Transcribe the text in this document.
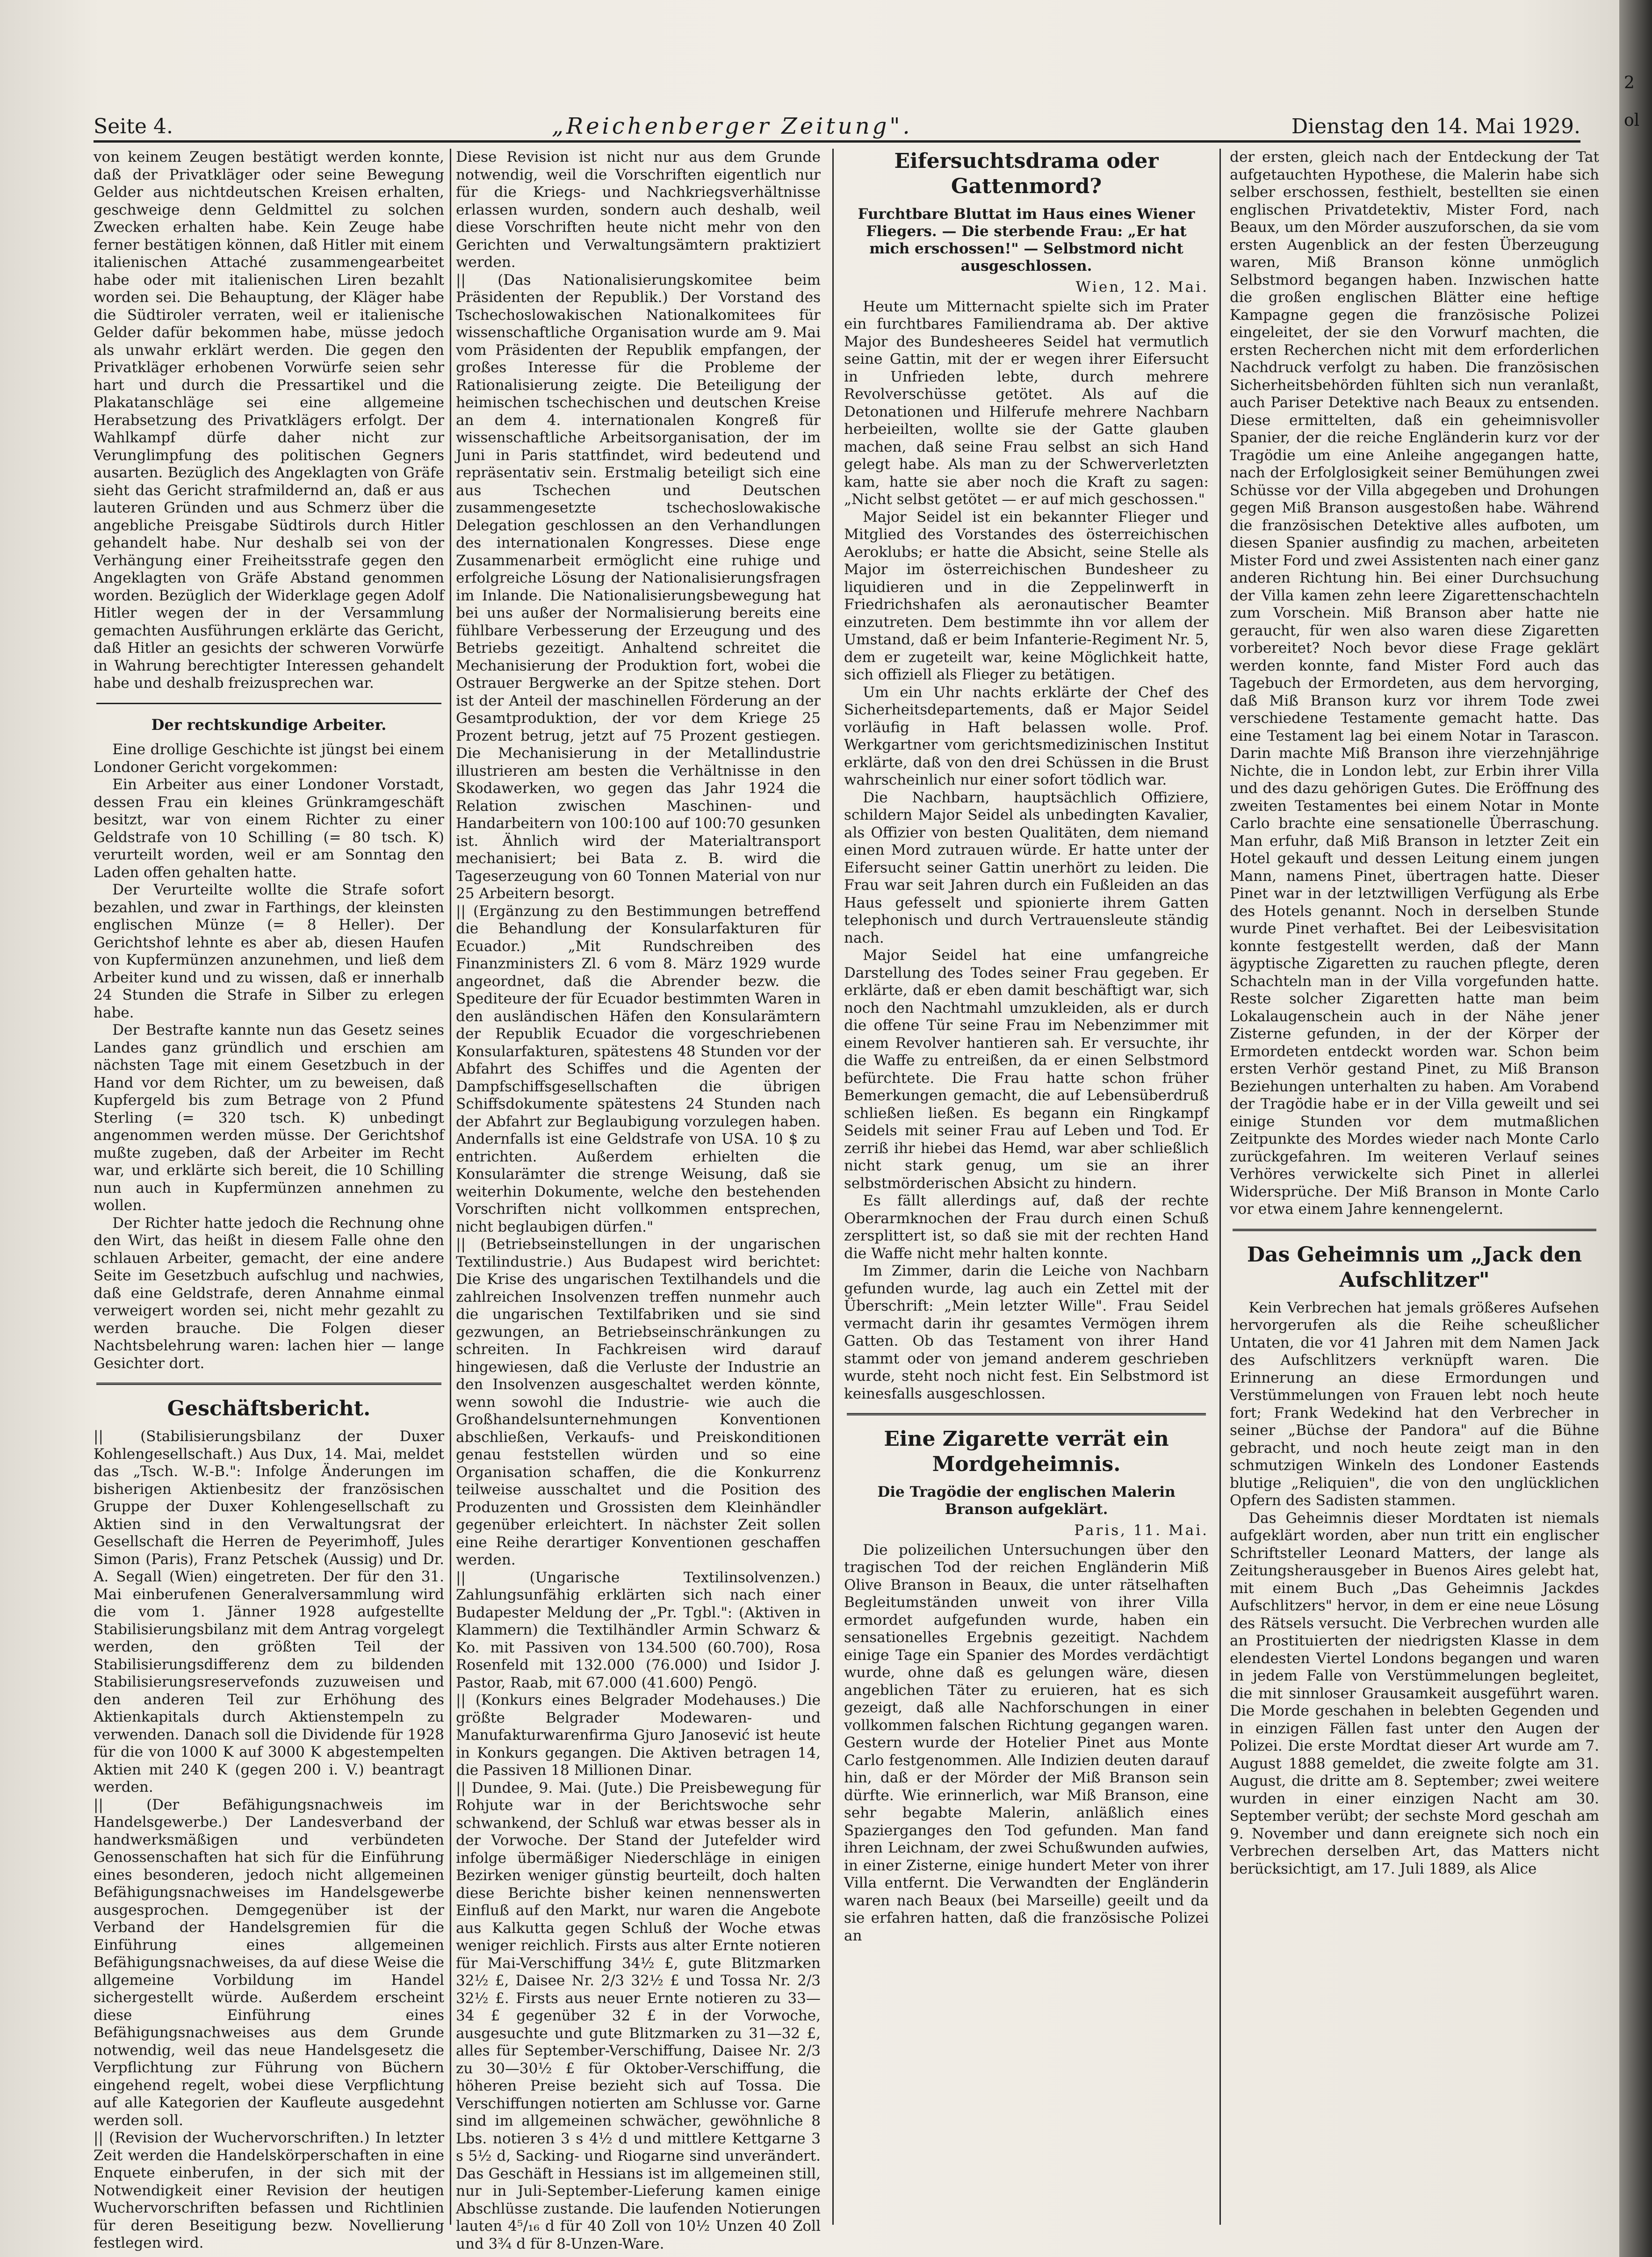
2
ol
Seite 4.	„Reichenberger Zeitung".	Dienstag den 14. Mai 1929.

von keinem Zeugen bestätigt werden konnte, daß der Privatkläger oder seine Bewegung Gelder aus nichtdeutschen Kreisen erhalten, geschweige denn Geldmittel zu solchen Zwecken erhalten habe. Kein Zeuge habe ferner bestätigen können, daß Hitler mit einem italienischen Attaché zusammengearbeitet habe oder mit italienischen Liren bezahlt worden sei. Die Behauptung, der Kläger habe die Südtiroler verraten, weil er italienische Gelder dafür bekommen habe, müsse jedoch als unwahr erklärt werden. Die gegen den Privatkläger erhobenen Vorwürfe seien sehr hart und durch die Pressartikel und die Plakatanschläge sei eine allgemeine Herabsetzung des Privatklägers erfolgt. Der Wahlkampf dürfe daher nicht zur Verunglimpfung des politischen Gegners ausarten. Bezüglich des Angeklagten von Gräfe sieht das Gericht strafmildernd an, daß er aus lauteren Gründen und aus Schmerz über die angebliche Preisgabe Südtirols durch Hitler gehandelt habe. Nur deshalb sei von der Verhängung einer Freiheitsstrafe gegen den Angeklagten von Gräfe Abstand genommen worden. Bezüglich der Widerklage gegen Adolf Hitler wegen der in der Versammlung gemachten Ausführungen erklärte das Gericht, daß Hitler an gesichts der schweren Vorwürfe in Wahrung berechtigter Interessen gehandelt habe und deshalb freizusprechen war.

Der rechtskundige Arbeiter.

Eine drollige Geschichte ist jüngst bei einem Londoner Gericht vorgekommen:

Ein Arbeiter aus einer Londoner Vorstadt, dessen Frau ein kleines Grünkramgeschäft besitzt, war von einem Richter zu einer Geldstrafe von 10 Schilling (= 80 tsch. K) verurteilt worden, weil er am Sonntag den Laden offen gehalten hatte.

Der Verurteilte wollte die Strafe sofort bezahlen, und zwar in Farthings, der kleinsten englischen Münze (= 8 Heller). Der Gerichtshof lehnte es aber ab, diesen Haufen von Kupfermünzen anzunehmen, und ließ dem Arbeiter kund und zu wissen, daß er innerhalb 24 Stunden die Strafe in Silber zu erlegen habe.

Der Bestrafte kannte nun das Gesetz seines Landes ganz gründlich und erschien am nächsten Tage mit einem Gesetzbuch in der Hand vor dem Richter, um zu beweisen, daß Kupfergeld bis zum Betrage von 2 Pfund Sterling (= 320 tsch. K) unbedingt angenommen werden müsse. Der Gerichtshof mußte zugeben, daß der Arbeiter im Recht war, und erklärte sich bereit, die 10 Schilling nun auch in Kupfermünzen annehmen zu wollen.

Der Richter hatte jedoch die Rechnung ohne den Wirt, das heißt in diesem Falle ohne den schlauen Arbeiter, gemacht, der eine andere Seite im Gesetzbuch aufschlug und nachwies, daß eine Geldstrafe, deren Annahme einmal verweigert worden sei, nicht mehr gezahlt zu werden brauche. Die Folgen dieser Nachtsbelehrung waren: lachen hier — lange Gesichter dort.

Geschäftsbericht.

|| (Stabilisierungsbilanz der Duxer Kohlengesellschaft.) Aus Dux, 14. Mai, meldet das „Tsch. W.-B.": Infolge Änderungen im bisherigen Aktienbesitz der französischen Gruppe der Duxer Kohlengesellschaft zu Aktien sind in den Verwaltungsrat der Gesellschaft die Herren de Peyerimhoff, Jules Simon (Paris), Franz Petschek (Aussig) und Dr. A. Segall (Wien) eingetreten. Der für den 31. Mai einberufenen Generalversammlung wird die vom 1. Jänner 1928 aufgestellte Stabilisierungsbilanz mit dem Antrag vorgelegt werden, den größten Teil der Stabilisierungsdifferenz dem zu bildenden Stabilisierungsreservefonds zuzuweisen und den anderen Teil zur Erhöhung des Aktienkapitals durch Aktienstempeln zu verwenden. Danach soll die Dividende für 1928 für die von 1000 K auf 3000 K abgestempelten Aktien mit 240 K (gegen 200 i. V.) beantragt werden.

|| (Der Befähigungsnachweis im Handelsgewerbe.) Der Landesverband der handwerksmäßigen und verbündeten Genossenschaften hat sich für die Einführung eines besonderen, jedoch nicht allgemeinen Befähigungsnachweises im Handelsgewerbe ausgesprochen. Demgegenüber ist der Verband der Handelsgremien für die Einführung eines allgemeinen Befähigungsnachweises, da auf diese Weise die allgemeine Vorbildung im Handel sichergestellt würde. Außerdem erscheint diese Einführung eines Befähigungsnachweises aus dem Grunde notwendig, weil das neue Handelsgesetz die Verpflichtung zur Führung von Büchern eingehend regelt, wobei diese Verpflichtung auf alle Kategorien der Kaufleute ausgedehnt werden soll.

|| (Revision der Wuchervorschriften.) In letzter Zeit werden die Handelskörperschaften in eine Enquete einberufen, in der sich mit der Notwendigkeit einer Revision der heutigen Wuchervorschriften befassen und Richtlinien für deren Beseitigung bezw. Novellierung festlegen wird.

Diese Revision ist nicht nur aus dem Grunde notwendig, weil die Vorschriften eigentlich nur für die Kriegs- und Nachkriegsverhältnisse erlassen wurden, sondern auch deshalb, weil diese Vorschriften heute nicht mehr von den Gerichten und Verwaltungsämtern praktiziert werden.

|| (Das Nationalisierungskomitee beim Präsidenten der Republik.) Der Vorstand des Tschechoslowakischen Nationalkomitees für wissenschaftliche Organisation wurde am 9. Mai vom Präsidenten der Republik empfangen, der großes Interesse für die Probleme der Rationalisierung zeigte. Die Beteiligung der heimischen tschechischen und deutschen Kreise an dem 4. internationalen Kongreß für wissenschaftliche Arbeitsorganisation, der im Juni in Paris stattfindet, wird bedeutend und repräsentativ sein. Erstmalig beteiligt sich eine aus Tschechen und Deutschen zusammengesetzte tschechoslowakische Delegation geschlossen an den Verhandlungen des internationalen Kongresses. Diese enge Zusammenarbeit ermöglicht eine ruhige und erfolgreiche Lösung der Nationalisierungsfragen im Inlande. Die Nationalisierungsbewegung hat bei uns außer der Normalisierung bereits eine fühlbare Verbesserung der Erzeugung und des Betriebs gezeitigt. Anhaltend schreitet die Mechanisierung der Produktion fort, wobei die Ostrauer Bergwerke an der Spitze stehen. Dort ist der Anteil der maschinellen Förderung an der Gesamtproduktion, der vor dem Kriege 25 Prozent betrug, jetzt auf 75 Prozent gestiegen. Die Mechanisierung in der Metallindustrie illustrieren am besten die Verhältnisse in den Skodawerken, wo gegen das Jahr 1924 die Relation zwischen Maschinen- und Handarbeitern von 100:100 auf 100:70 gesunken ist. Ähnlich wird der Materialtransport mechanisiert; bei Bata z. B. wird die Tageserzeugung von 60 Tonnen Material von nur 25 Arbeitern besorgt.

|| (Ergänzung zu den Bestimmungen betreffend die Behandlung der Konsularfakturen für Ecuador.) „Mit Rundschreiben des Finanzministers Zl. 6 vom 8. März 1929 wurde angeordnet, daß die Abrender bezw. die Spediteure der für Ecuador bestimmten Waren in den ausländischen Häfen den Konsularämtern der Republik Ecuador die vorgeschriebenen Konsularfakturen, spätestens 48 Stunden vor der Abfahrt des Schiffes und die Agenten der Dampfschiffsgesellschaften die übrigen Schiffsdokumente spätestens 24 Stunden nach der Abfahrt zur Beglaubigung vorzulegen haben. Andernfalls ist eine Geldstrafe von USA. 10 $ zu entrichten. Außerdem erhielten die Konsularämter die strenge Weisung, daß sie weiterhin Dokumente, welche den bestehenden Vorschriften nicht vollkommen entsprechen, nicht beglaubigen dürfen."

|| (Betriebseinstellungen in der ungarischen Textilindustrie.) Aus Budapest wird berichtet: Die Krise des ungarischen Textilhandels und die zahlreichen Insolvenzen treffen nunmehr auch die ungarischen Textilfabriken und sie sind gezwungen, an Betriebseinschränkungen zu schreiten. In Fachkreisen wird darauf hingewiesen, daß die Verluste der Industrie an den Insolvenzen ausgeschaltet werden könnte, wenn sowohl die Industrie- wie auch die Großhandelsunternehmungen Konventionen abschließen, Verkaufs- und Preiskonditionen genau feststellen würden und so eine Organisation schaffen, die die Konkurrenz teilweise ausschaltet und die Position des Produzenten und Grossisten dem Kleinhändler gegenüber erleichtert. In nächster Zeit sollen eine Reihe derartiger Konventionen geschaffen werden.

|| (Ungarische Textilinsolvenzen.) Zahlungsunfähig erklärten sich nach einer Budapester Meldung der „Pr. Tgbl.": (Aktiven in Klammern) die Textilhändler Armin Schwarz & Ko. mit Passiven von 134.500 (60.700), Rosa Rosenfeld mit 132.000 (76.000) und Isidor J. Pastor, Raab, mit 67.000 (41.600) Pengö.

|| (Konkurs eines Belgrader Modehauses.) Die größte Belgrader Modewaren- und Manufakturwarenfirma Gjuro Janosević ist heute in Konkurs gegangen. Die Aktiven betragen 14, die Passiven 18 Millionen Dinar.

|| Dundee, 9. Mai. (Jute.) Die Preisbewegung für Rohjute war in der Berichtswoche sehr schwankend, der Schluß war etwas besser als in der Vorwoche. Der Stand der Jutefelder wird infolge übermäßiger Niederschläge in einigen Bezirken weniger günstig beurteilt, doch halten diese Berichte bisher keinen nennenswerten Einfluß auf den Markt, nur waren die Angebote aus Kalkutta gegen Schluß der Woche etwas weniger reichlich. Firsts aus alter Ernte notieren für Mai-Verschiffung 34½ £, gute Blitzmarken 32½ £, Daisee Nr. 2/3 32½ £ und Tossa Nr. 2/3 32½ £. Firsts aus neuer Ernte notieren zu 33—34 £ gegenüber 32 £ in der Vorwoche, ausgesuchte und gute Blitzmarken zu 31—32 £, alles für September-Verschiffung, Daisee Nr. 2/3 zu 30—30½ £ für Oktober-Verschiffung, die höheren Preise bezieht sich auf Tossa. Die Verschiffungen notierten am Schlusse vor. Garne sind im allgemeinen schwächer, gewöhnliche 8 Lbs. notieren 3 s 4½ d und mittlere Kettgarne 3 s 5½ d, Sacking- und Riogarne sind unverändert. Das Geschäft in Hessians ist im allgemeinen still, nur in Juli-September-Lieferung kamen einige Abschlüsse zustande. Die laufenden Notierungen lauten 4⁵/₁₆ d für 40 Zoll von 10½ Unzen 40 Zoll und 3¾ d für 8-Unzen-Ware.

Eifersuchtsdrama oder Gattenmord?
Furchtbare Bluttat im Haus eines Wiener Fliegers. — Die sterbende Frau: „Er hat mich erschossen!" — Selbstmord nicht ausgeschlossen.
Wien, 12. Mai.

Heute um Mitternacht spielte sich im Prater ein furchtbares Familiendrama ab. Der aktive Major des Bundesheeres Seidel hat vermutlich seine Gattin, mit der er wegen ihrer Eifersucht in Unfrieden lebte, durch mehrere Revolverschüsse getötet. Als auf die Detonationen und Hilferufe mehrere Nachbarn herbeieilten, wollte sie der Gatte glauben machen, daß seine Frau selbst an sich Hand gelegt habe. Als man zu der Schwerverletzten kam, hatte sie aber noch die Kraft zu sagen: „Nicht selbst getötet — er auf mich geschossen."

Major Seidel ist ein bekannter Flieger und Mitglied des Vorstandes des österreichischen Aeroklubs; er hatte die Absicht, seine Stelle als Major im österreichischen Bundesheer zu liquidieren und in die Zeppelinwerft in Friedrichshafen als aeronautischer Beamter einzutreten. Dem bestimmte ihn vor allem der Umstand, daß er beim Infanterie-Regiment Nr. 5, dem er zugeteilt war, keine Möglichkeit hatte, sich offiziell als Flieger zu betätigen.

Um ein Uhr nachts erklärte der Chef des Sicherheitsdepartements, daß er Major Seidel vorläufig in Haft belassen wolle. Prof. Werkgartner vom gerichtsmedizinischen Institut erklärte, daß von den drei Schüssen in die Brust wahrscheinlich nur einer sofort tödlich war.

Die Nachbarn, hauptsächlich Offiziere, schildern Major Seidel als unbedingten Kavalier, als Offizier von besten Qualitäten, dem niemand einen Mord zutrauen würde. Er hatte unter der Eifersucht seiner Gattin unerhört zu leiden. Die Frau war seit Jahren durch ein Fußleiden an das Haus gefesselt und spionierte ihrem Gatten telephonisch und durch Vertrauensleute ständig nach.

Major Seidel hat eine umfangreiche Darstellung des Todes seiner Frau gegeben. Er erklärte, daß er eben damit beschäftigt war, sich noch den Nachtmahl umzukleiden, als er durch die offene Tür seine Frau im Nebenzimmer mit einem Revolver hantieren sah. Er versuchte, ihr die Waffe zu entreißen, da er einen Selbstmord befürchtete. Die Frau hatte schon früher Bemerkungen gemacht, die auf Lebensüberdruß schließen ließen. Es begann ein Ringkampf Seidels mit seiner Frau auf Leben und Tod. Er zerriß ihr hiebei das Hemd, war aber schließlich nicht stark genug, um sie an ihrer selbstmörderischen Absicht zu hindern.

Es fällt allerdings auf, daß der rechte Oberarmknochen der Frau durch einen Schuß zersplittert ist, so daß sie mit der rechten Hand die Waffe nicht mehr halten konnte.

Im Zimmer, darin die Leiche von Nachbarn gefunden wurde, lag auch ein Zettel mit der Überschrift: „Mein letzter Wille". Frau Seidel vermacht darin ihr gesamtes Vermögen ihrem Gatten. Ob das Testament von ihrer Hand stammt oder von jemand anderem geschrieben wurde, steht noch nicht fest. Ein Selbstmord ist keinesfalls ausgeschlossen.

Eine Zigarette verrät ein Mordgeheimnis.
Die Tragödie der englischen Malerin Branson aufgeklärt.
Paris, 11. Mai.

Die polizeilichen Untersuchungen über den tragischen Tod der reichen Engländerin Miß Olive Branson in Beaux, die unter rätselhaften Begleitumständen unweit von ihrer Villa ermordet aufgefunden wurde, haben ein sensationelles Ergebnis gezeitigt. Nachdem einige Tage ein Spanier des Mordes verdächtigt wurde, ohne daß es gelungen wäre, diesen angeblichen Täter zu eruieren, hat es sich gezeigt, daß alle Nachforschungen in einer vollkommen falschen Richtung gegangen waren. Gestern wurde der Hotelier Pinet aus Monte Carlo festgenommen. Alle Indizien deuten darauf hin, daß er der Mörder der Miß Branson sein dürfte. Wie erinnerlich, war Miß Branson, eine sehr begabte Malerin, anläßlich eines Spazierganges den Tod gefunden. Man fand ihren Leichnam, der zwei Schußwunden aufwies, in einer Zisterne, einige hundert Meter von ihrer Villa entfernt. Die Verwandten der Engländerin waren nach Beaux (bei Marseille) geeilt und da sie erfahren hatten, daß die französische Polizei an

der ersten, gleich nach der Entdeckung der Tat aufgetauchten Hypothese, die Malerin habe sich selber erschossen, festhielt, bestellten sie einen englischen Privatdetektiv, Mister Ford, nach Beaux, um den Mörder auszuforschen, da sie vom ersten Augenblick an der festen Überzeugung waren, Miß Branson könne unmöglich Selbstmord begangen haben. Inzwischen hatte die großen englischen Blätter eine heftige Kampagne gegen die französische Polizei eingeleitet, der sie den Vorwurf machten, die ersten Recherchen nicht mit dem erforderlichen Nachdruck verfolgt zu haben. Die französischen Sicherheitsbehörden fühlten sich nun veranlaßt, auch Pariser Detektive nach Beaux zu entsenden. Diese ermittelten, daß ein geheimnisvoller Spanier, der die reiche Engländerin kurz vor der Tragödie um eine Anleihe angegangen hatte, nach der Erfolglosigkeit seiner Bemühungen zwei Schüsse vor der Villa abgegeben und Drohungen gegen Miß Branson ausgestoßen habe. Während die französischen Detektive alles aufboten, um diesen Spanier ausfindig zu machen, arbeiteten Mister Ford und zwei Assistenten nach einer ganz anderen Richtung hin. Bei einer Durchsuchung der Villa kamen zehn leere Zigarettenschachteln zum Vorschein. Miß Branson aber hatte nie geraucht, für wen also waren diese Zigaretten vorbereitet? Noch bevor diese Frage geklärt werden konnte, fand Mister Ford auch das Tagebuch der Ermordeten, aus dem hervorging, daß Miß Branson kurz vor ihrem Tode zwei verschiedene Testamente gemacht hatte. Das eine Testament lag bei einem Notar in Tarascon. Darin machte Miß Branson ihre vierzehnjährige Nichte, die in London lebt, zur Erbin ihrer Villa und des dazu gehörigen Gutes. Die Eröffnung des zweiten Testamentes bei einem Notar in Monte Carlo brachte eine sensationelle Überraschung. Man erfuhr, daß Miß Branson in letzter Zeit ein Hotel gekauft und dessen Leitung einem jungen Mann, namens Pinet, übertragen hatte. Dieser Pinet war in der letztwilligen Verfügung als Erbe des Hotels genannt. Noch in derselben Stunde wurde Pinet verhaftet. Bei der Leibesvisitation konnte festgestellt werden, daß der Mann ägyptische Zigaretten zu rauchen pflegte, deren Schachteln man in der Villa vorgefunden hatte. Reste solcher Zigaretten hatte man beim Lokalaugenschein auch in der Nähe jener Zisterne gefunden, in der der Körper der Ermordeten entdeckt worden war. Schon beim ersten Verhör gestand Pinet, zu Miß Branson Beziehungen unterhalten zu haben. Am Vorabend der Tragödie habe er in der Villa geweilt und sei einige Stunden vor dem mutmaßlichen Zeitpunkte des Mordes wieder nach Monte Carlo zurückgefahren. Im weiteren Verlauf seines Verhöres verwickelte sich Pinet in allerlei Widersprüche. Der Miß Branson in Monte Carlo vor etwa einem Jahre kennengelernt.

Das Geheimnis um „Jack den Aufschlitzer"

Kein Verbrechen hat jemals größeres Aufsehen hervorgerufen als die Reihe scheußlicher Untaten, die vor 41 Jahren mit dem Namen Jack des Aufschlitzers verknüpft waren. Die Erinnerung an diese Ermordungen und Verstümmelungen von Frauen lebt noch heute fort; Frank Wedekind hat den Verbrecher in seiner „Büchse der Pandora" auf die Bühne gebracht, und noch heute zeigt man in den schmutzigen Winkeln des Londoner Eastends blutige „Reliquien", die von den unglücklichen Opfern des Sadisten stammen.

Das Geheimnis dieser Mordtaten ist niemals aufgeklärt worden, aber nun tritt ein englischer Schriftsteller Leonard Matters, der lange als Zeitungsherausgeber in Buenos Aires gelebt hat, mit einem Buch „Das Geheimnis Jackdes Aufschlitzers" hervor, in dem er eine neue Lösung des Rätsels versucht. Die Verbrechen wurden alle an Prostituierten der niedrigsten Klasse in dem elendesten Viertel Londons begangen und waren in jedem Falle von Verstümmelungen begleitet, die mit sinnloser Grausamkeit ausgeführt waren. Die Morde geschahen in belebten Gegenden und in einzigen Fällen fast unter den Augen der Polizei. Die erste Mordtat dieser Art wurde am 7. August 1888 gemeldet, die zweite folgte am 31. August, die dritte am 8. September; zwei weitere wurden in einer einzigen Nacht am 30. September verübt; der sechste Mord geschah am 9. November und dann ereignete sich noch ein Verbrechen derselben Art, das Matters nicht berücksichtigt, am 17. Juli 1889, als Alice
